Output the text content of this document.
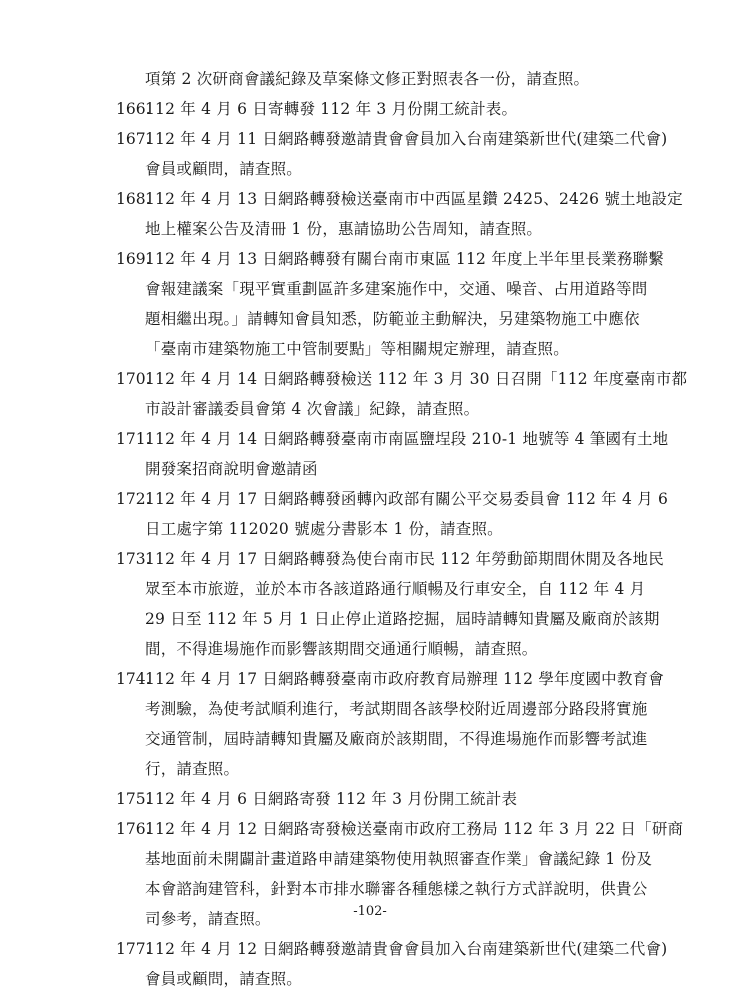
項第 2 次研商會議紀錄及草案條文修正對照表各一份，請查照。
166.
112 年 4 月 6 日寄轉發 112 年 3 月份開工統計表。
167.
112 年 4 月 11 日網路轉發邀請貴會會員加入台南建築新世代(建築二代會)
會員或顧問，請查照。
168.
112 年 4 月 13 日網路轉發檢送臺南市中西區星鑽 2425、2426 號土地設定
地上權案公告及清冊 1 份，惠請協助公告周知，請查照。
169.
112 年 4 月 13 日網路轉發有關台南市東區 112 年度上半年里長業務聯繫
會報建議案「現平實重劃區許多建案施作中，交通、噪音、占用道路等問
題相繼出現。」請轉知會員知悉，防範並主動解決，另建築物施工中應依
「臺南市建築物施工中管制要點」等相關規定辦理，請查照。
170.
112 年 4 月 14 日網路轉發檢送 112 年 3 月 30 日召開「112 年度臺南市都
市設計審議委員會第 4 次會議」紀錄，請查照。
171.
112 年 4 月 14 日網路轉發臺南市南區鹽埕段 210-1 地號等 4 筆國有土地
開發案招商說明會邀請函
172.
112 年 4 月 17 日網路轉發函轉內政部有關公平交易委員會 112 年 4 月 6
日工處字第 112020 號處分書影本 1 份，請查照。
173.
112 年 4 月 17 日網路轉發為使台南市民 112 年勞動節期間休閒及各地民
眾至本市旅遊，並於本市各該道路通行順暢及行車安全，自 112 年 4 月
29 日至 112 年 5 月 1 日止停止道路挖掘，屆時請轉知貴屬及廠商於該期
間，不得進場施作而影響該期間交通通行順暢，請查照。
174.
112 年 4 月 17 日網路轉發臺南市政府教育局辦理 112 學年度國中教育會
考測驗，為使考試順利進行，考試期間各該學校附近周邊部分路段將實施
交通管制，屆時請轉知貴屬及廠商於該期間，不得進場施作而影響考試進
行，請查照。
175.
112 年 4 月 6 日網路寄發 112 年 3 月份開工統計表
176.
112 年 4 月 12 日網路寄發檢送臺南市政府工務局 112 年 3 月 22 日「研商
基地面前未開闢計畫道路申請建築物使用執照審查作業」會議紀錄 1 份及
本會諮詢建管科，針對本市排水聯審各種態樣之執行方式詳說明，供貴公
司參考，請查照。
177.
112 年 4 月 12 日網路轉發邀請貴會會員加入台南建築新世代(建築二代會)
會員或顧問，請查照。
-102-
